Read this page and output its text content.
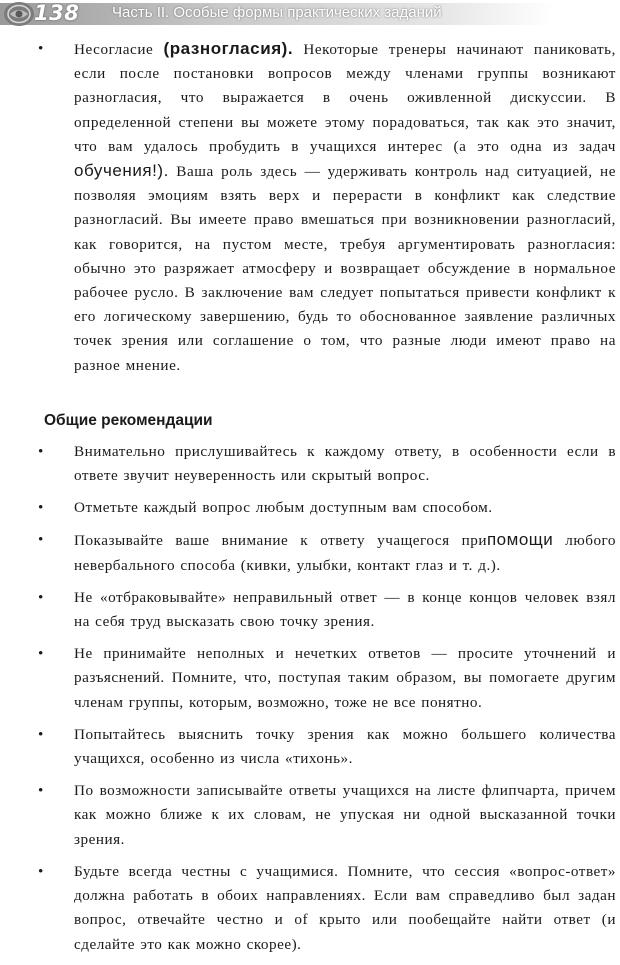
138 Часть II. Особые формы практических заданий
• Несогласие (разногласия). Некоторые тренеры начинают паниковать, если после постановки вопросов между членами группы возникают разногласия, что выражается в очень оживленной дискуссии. В определенной степени вы можете этому порадоваться, так как это значит, что вам удалось пробудить в учащихся интерес (а это одна из задач обучения!). Ваша роль здесь — удерживать контроль над ситуацией, не позволяя эмоциям взять верх и перерасти в конфликт как следствие разногласий. Вы имеете право вмешаться при возникновении разногласий, как говорится, на пустом месте, требуя аргументировать разногласия: обычно это разряжает атмосферу и возвращает обсуждение в нормальное рабочее русло. В заключение вам следует попытаться привести конфликт к его логическому завершению, будь то обоснованное заявление различных точек зрения или соглашение о том, что разные люди имеют право на разное мнение.
Общие рекомендации
• Внимательно прислушивайтесь к каждому ответу, в особенности если в ответе звучит неуверенность или скрытый вопрос.
• Отметьте каждый вопрос любым доступным вам способом.
• Показывайте ваше внимание к ответу учащегося припомощи любого невербального способа (кивки, улыбки, контакт глаз и т. д.).
• Не «отбраковывайте» неправильный ответ — в конце концов человек взял на себя труд высказать свою точку зрения.
• Не принимайте неполных и нечетких ответов — просите уточнений и разъяснений. Помните, что, поступая таким образом, вы помогаете другим членам группы, которым, возможно, тоже не все понятно.
• Попытайтесь выяснить точку зрения как можно большего количества учащихся, особенно из числа «тихонь».
• По возможности записывайте ответы учащихся на листе флипчарта, причем как можно ближе к их словам, не упуская ни одной высказанной точки зрения.
• Будьте всегда честны с учащимися. Помните, что сессия «вопрос-ответ» должна работать в обоих направлениях. Если вам справедливо был задан вопрос, отвечайте честно и of крыто или пообещайте найти ответ (и сделайте это как можно скорее).
